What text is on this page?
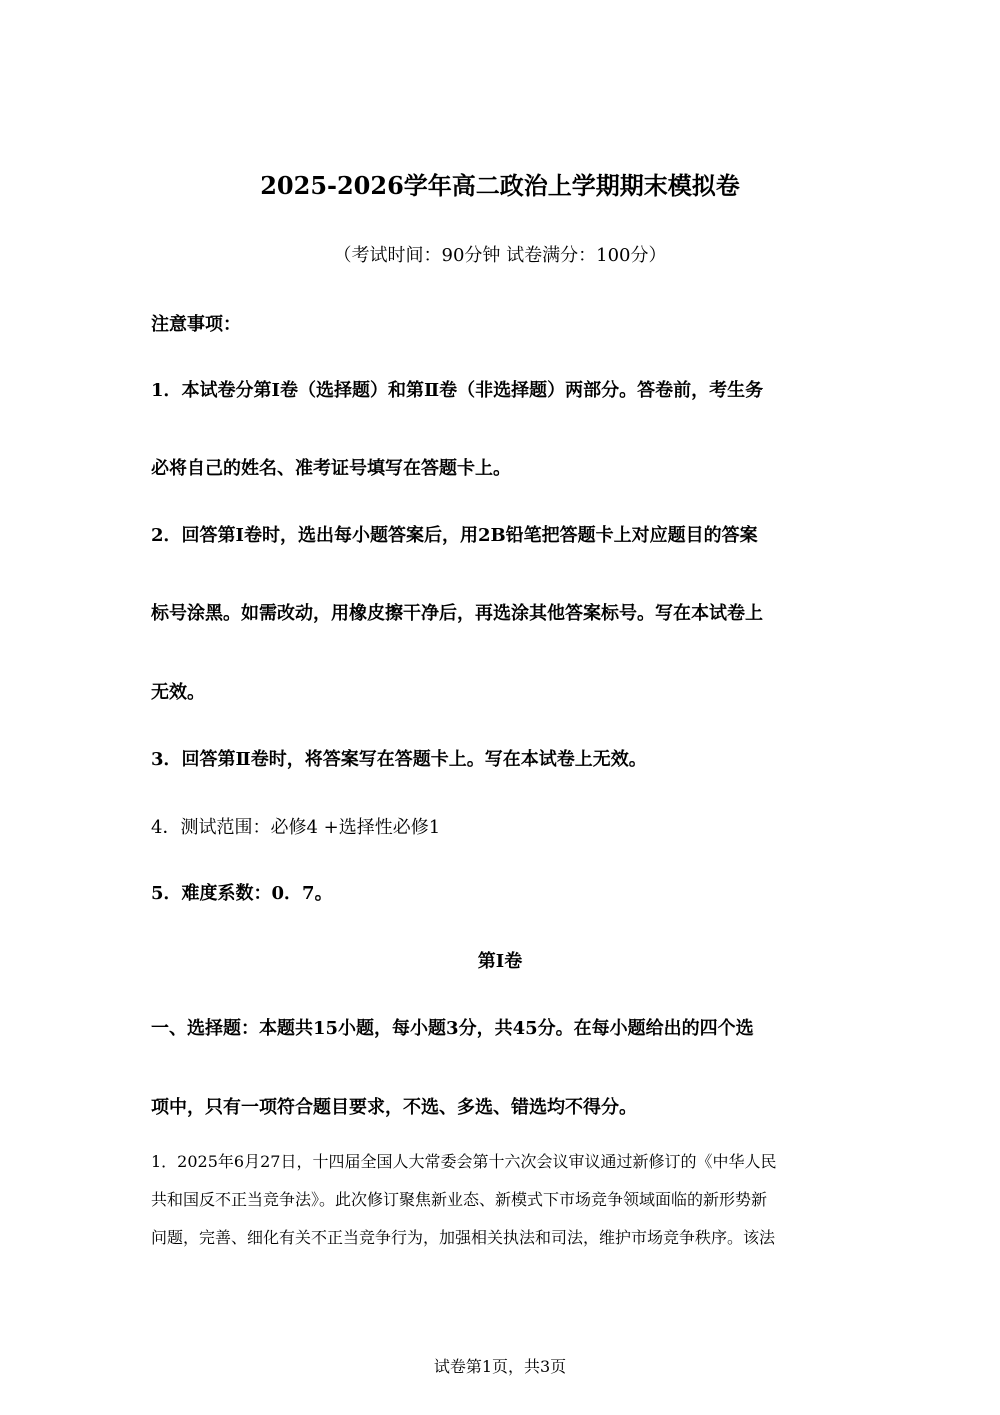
2025-2026学年高二政治上学期期末模拟卷
（考试时间：90分钟 试卷满分：100分）
注意事项：
1．本试卷分第Ⅰ卷（选择题）和第Ⅱ卷（非选择题）两部分。答卷前，考生务
必将自己的姓名、准考证号填写在答题卡上。
2．回答第Ⅰ卷时，选出每小题答案后，用2B铅笔把答题卡上对应题目的答案
标号涂黑。如需改动，用橡皮擦干净后，再选涂其他答案标号。写在本试卷上
无效。
3．回答第Ⅱ卷时，将答案写在答题卡上。写在本试卷上无效。
4．测试范围：必修4 +选择性必修1
5．难度系数：0．7。
第Ⅰ卷
一、选择题：本题共15小题，每小题3分，共45分。在每小题给出的四个选
项中，只有一项符合题目要求，不选、多选、错选均不得分。
1．2025年6月27日，十四届全国人大常委会第十六次会议审议通过新修订的《中华人民
共和国反不正当竞争法》。此次修订聚焦新业态、新模式下市场竞争领域面临的新形势新
问题，完善、细化有关不正当竞争行为，加强相关执法和司法，维护市场竞争秩序。该法
试卷第1页，共3页
